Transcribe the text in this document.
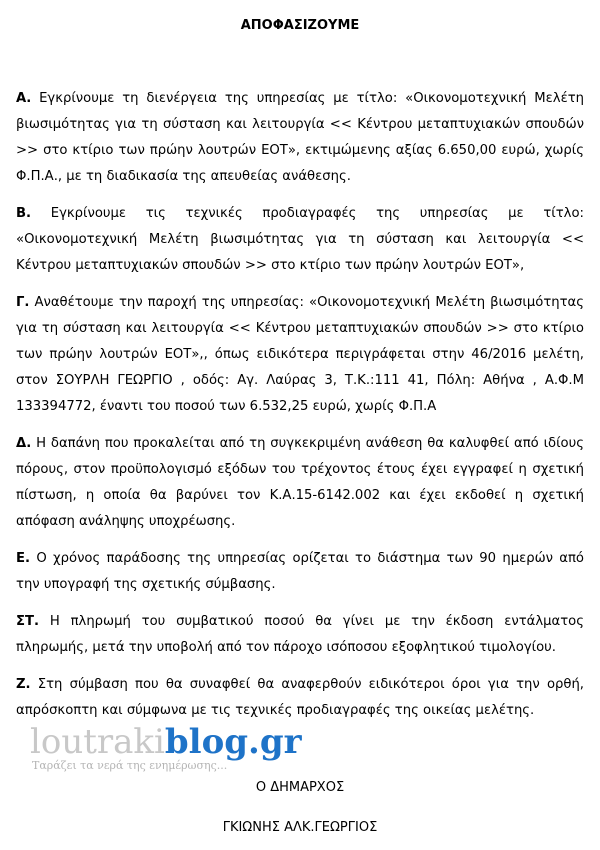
ΑΠΟΦΑΣΙΖΟΥΜΕ

Α. Εγκρίνουμε τη διενέργεια της υπηρεσίας με τίτλο: «Οικονομοτεχνική Μελέτη βιωσιμότητας για τη σύσταση και λειτουργία << Κέντρου μεταπτυχιακών σπουδών >> στο κτίριο των πρώην λουτρών ΕΟΤ», εκτιμώμενης αξίας 6.650,00 ευρώ, χωρίς Φ.Π.Α., με τη διαδικασία της απευθείας ανάθεσης.

Β. Εγκρίνουμε τις τεχνικές προδιαγραφές της υπηρεσίας με τίτλο: «Οικονομοτεχνική Μελέτη βιωσιμότητας για τη σύσταση και λειτουργία << Κέντρου μεταπτυχιακών σπουδών >> στο κτίριο των πρώην λουτρών ΕΟΤ»,

Γ. Αναθέτουμε την παροχή της υπηρεσίας: «Οικονομοτεχνική Μελέτη βιωσιμότητας για τη σύσταση και λειτουργία << Κέντρου μεταπτυχιακών σπουδών >> στο κτίριο των πρώην λουτρών ΕΟΤ»,, όπως ειδικότερα περιγράφεται στην 46/2016 μελέτη, στον ΣΟΥΡΛΗ ΓΕΩΡΓΙΟ , οδός: Αγ. Λαύρας 3, Τ.Κ.:111 41, Πόλη: Αθήνα , Α.Φ.Μ 133394772, έναντι του ποσού των 6.532,25 ευρώ, χωρίς Φ.Π.Α

Δ. Η δαπάνη που προκαλείται από τη συγκεκριμένη ανάθεση θα καλυφθεί από ιδίους πόρους, στον προϋπολογισμό εξόδων του τρέχοντος έτους έχει εγγραφεί η σχετική πίστωση, η οποία θα βαρύνει τον Κ.Α.15-6142.002 και έχει εκδοθεί η σχετική απόφαση ανάληψης υποχρέωσης.

Ε. Ο χρόνος παράδοσης της υπηρεσίας ορίζεται το διάστημα των 90 ημερών από την υπογραφή της σχετικής σύμβασης.

ΣΤ. Η πληρωμή του συμβατικού ποσού θα γίνει με την έκδοση εντάλματος πληρωμής, μετά την υποβολή από τον πάροχο ισόποσου εξοφλητικού τιμολογίου.

Ζ. Στη σύμβαση που θα συναφθεί θα αναφερθούν ειδικότεροι όροι για την ορθή, απρόσκοπτη και σύμφωνα με τις τεχνικές προδιαγραφές της οικείας μελέτης.

loutrakiblog.gr
Ταράζει τα νερά της ενημέρωσης...
Ο ΔΗΜΑΡΧΟΣ
ΓΚΙΩΝΗΣ ΑΛΚ.ΓΕΩΡΓΙΟΣ
